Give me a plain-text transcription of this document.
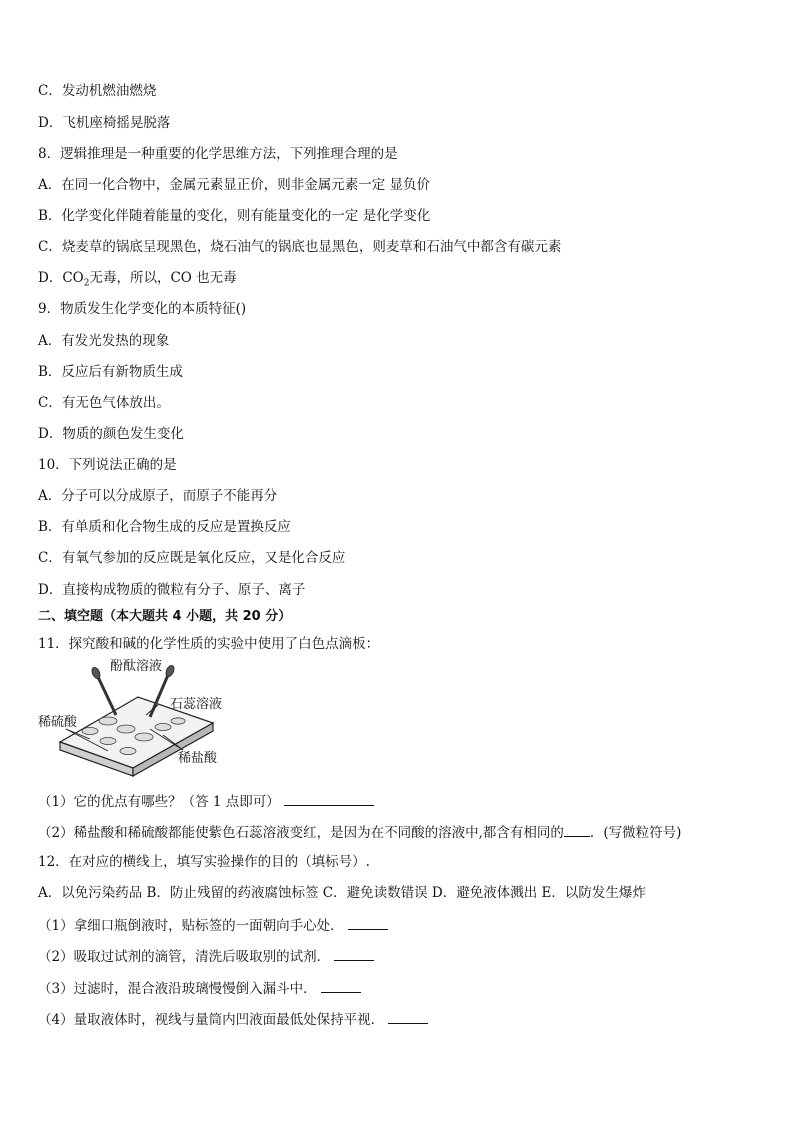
C．发动机燃油燃烧
D．飞机座椅摇晃脱落
8．逻辑推理是一种重要的化学思维方法，下列推理合理的是
A．在同一化合物中，金属元素显正价，则非金属元素一定 显负价
B．化学变化伴随着能量的变化，则有能量变化的一定 是化学变化
C．烧麦草的锅底呈现黑色，烧石油气的锅底也显黑色，则麦草和石油气中都含有碳元素
D．$CO_2$无毒，所以，CO 也无毒
9．物质发生化学变化的本质特征()
A．有发光发热的现象
B．反应后有新物质生成
C．有无色气体放出。
D．物质的颜色发生变化
10．下列说法正确的是
A．分子可以分成原子，而原子不能再分
B．有单质和化合物生成的反应是置换反应
C．有氧气参加的反应既是氧化反应，又是化合反应
D．直接构成物质的微粒有分子、原子、离子
二、填空题（本大题共 4 小题，共 20 分）
11．探究酸和碱的化学性质的实验中使用了白色点滴板：
酚酞溶液
石蕊溶液
稀硫酸
稀盐酸
（1）它的优点有哪些？（答 1 点即可）
（2）稀盐酸和稀硫酸都能使紫色石蕊溶液变红，是因为在不同酸的溶液中,都含有相同的 ．(写微粒符号)
12．在对应的横线上，填写实验操作的目的（填标号）.
A．以免污染药品 B．防止残留的药液腐蚀标签 C．避免读数错误 D．避免液体溅出 E．以防发生爆炸
（1）拿细口瓶倒液时，贴标签的一面朝向手心处．
（2）吸取过试剂的滴管，清洗后吸取别的试剂．
（3）过滤时，混合液沿玻璃慢慢倒入漏斗中．
（4）量取液体时，视线与量筒内凹液面最低处保持平视．
